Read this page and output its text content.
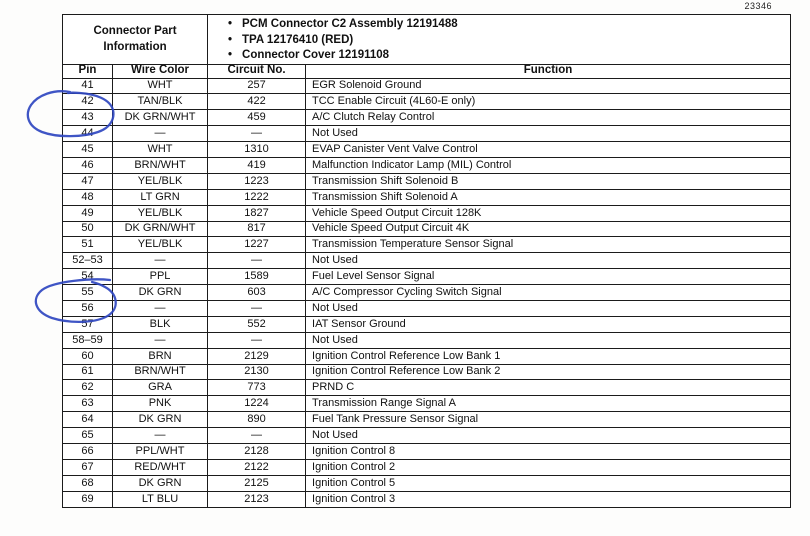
23346
Connector Part Information	
• PCM Connector C2 Assembly 12191488
• TPA 12176410 (RED)
• Connector Cover 12191108

Pin	Wire Color	Circuit No.	Function
41	WHT	257	EGR Solenoid Ground
42	TAN/BLK	422	TCC Enable Circuit (4L60-E only)
43	DK GRN/WHT	459	A/C Clutch Relay Control
44	—	—	Not Used
45	WHT	1310	EVAP Canister Vent Valve Control
46	BRN/WHT	419	Malfunction Indicator Lamp (MIL) Control
47	YEL/BLK	1223	Transmission Shift Solenoid B
48	LT GRN	1222	Transmission Shift Solenoid A
49	YEL/BLK	1827	Vehicle Speed Output Circuit 128K
50	DK GRN/WHT	817	Vehicle Speed Output Circuit 4K
51	YEL/BLK	1227	Transmission Temperature Sensor Signal
52–53	—	—	Not Used
54	PPL	1589	Fuel Level Sensor Signal
55	DK GRN	603	A/C Compressor Cycling Switch Signal
56	—	—	Not Used
57	BLK	552	IAT Sensor Ground
58–59	—	—	Not Used
60	BRN	2129	Ignition Control Reference Low Bank 1
61	BRN/WHT	2130	Ignition Control Reference Low Bank 2
62	GRA	773	PRND C
63	PNK	1224	Transmission Range Signal A
64	DK GRN	890	Fuel Tank Pressure Sensor Signal
65	—	—	Not Used
66	PPL/WHT	2128	Ignition Control 8
67	RED/WHT	2122	Ignition Control 2
68	DK GRN	2125	Ignition Control 5
69	LT BLU	2123	Ignition Control 3
